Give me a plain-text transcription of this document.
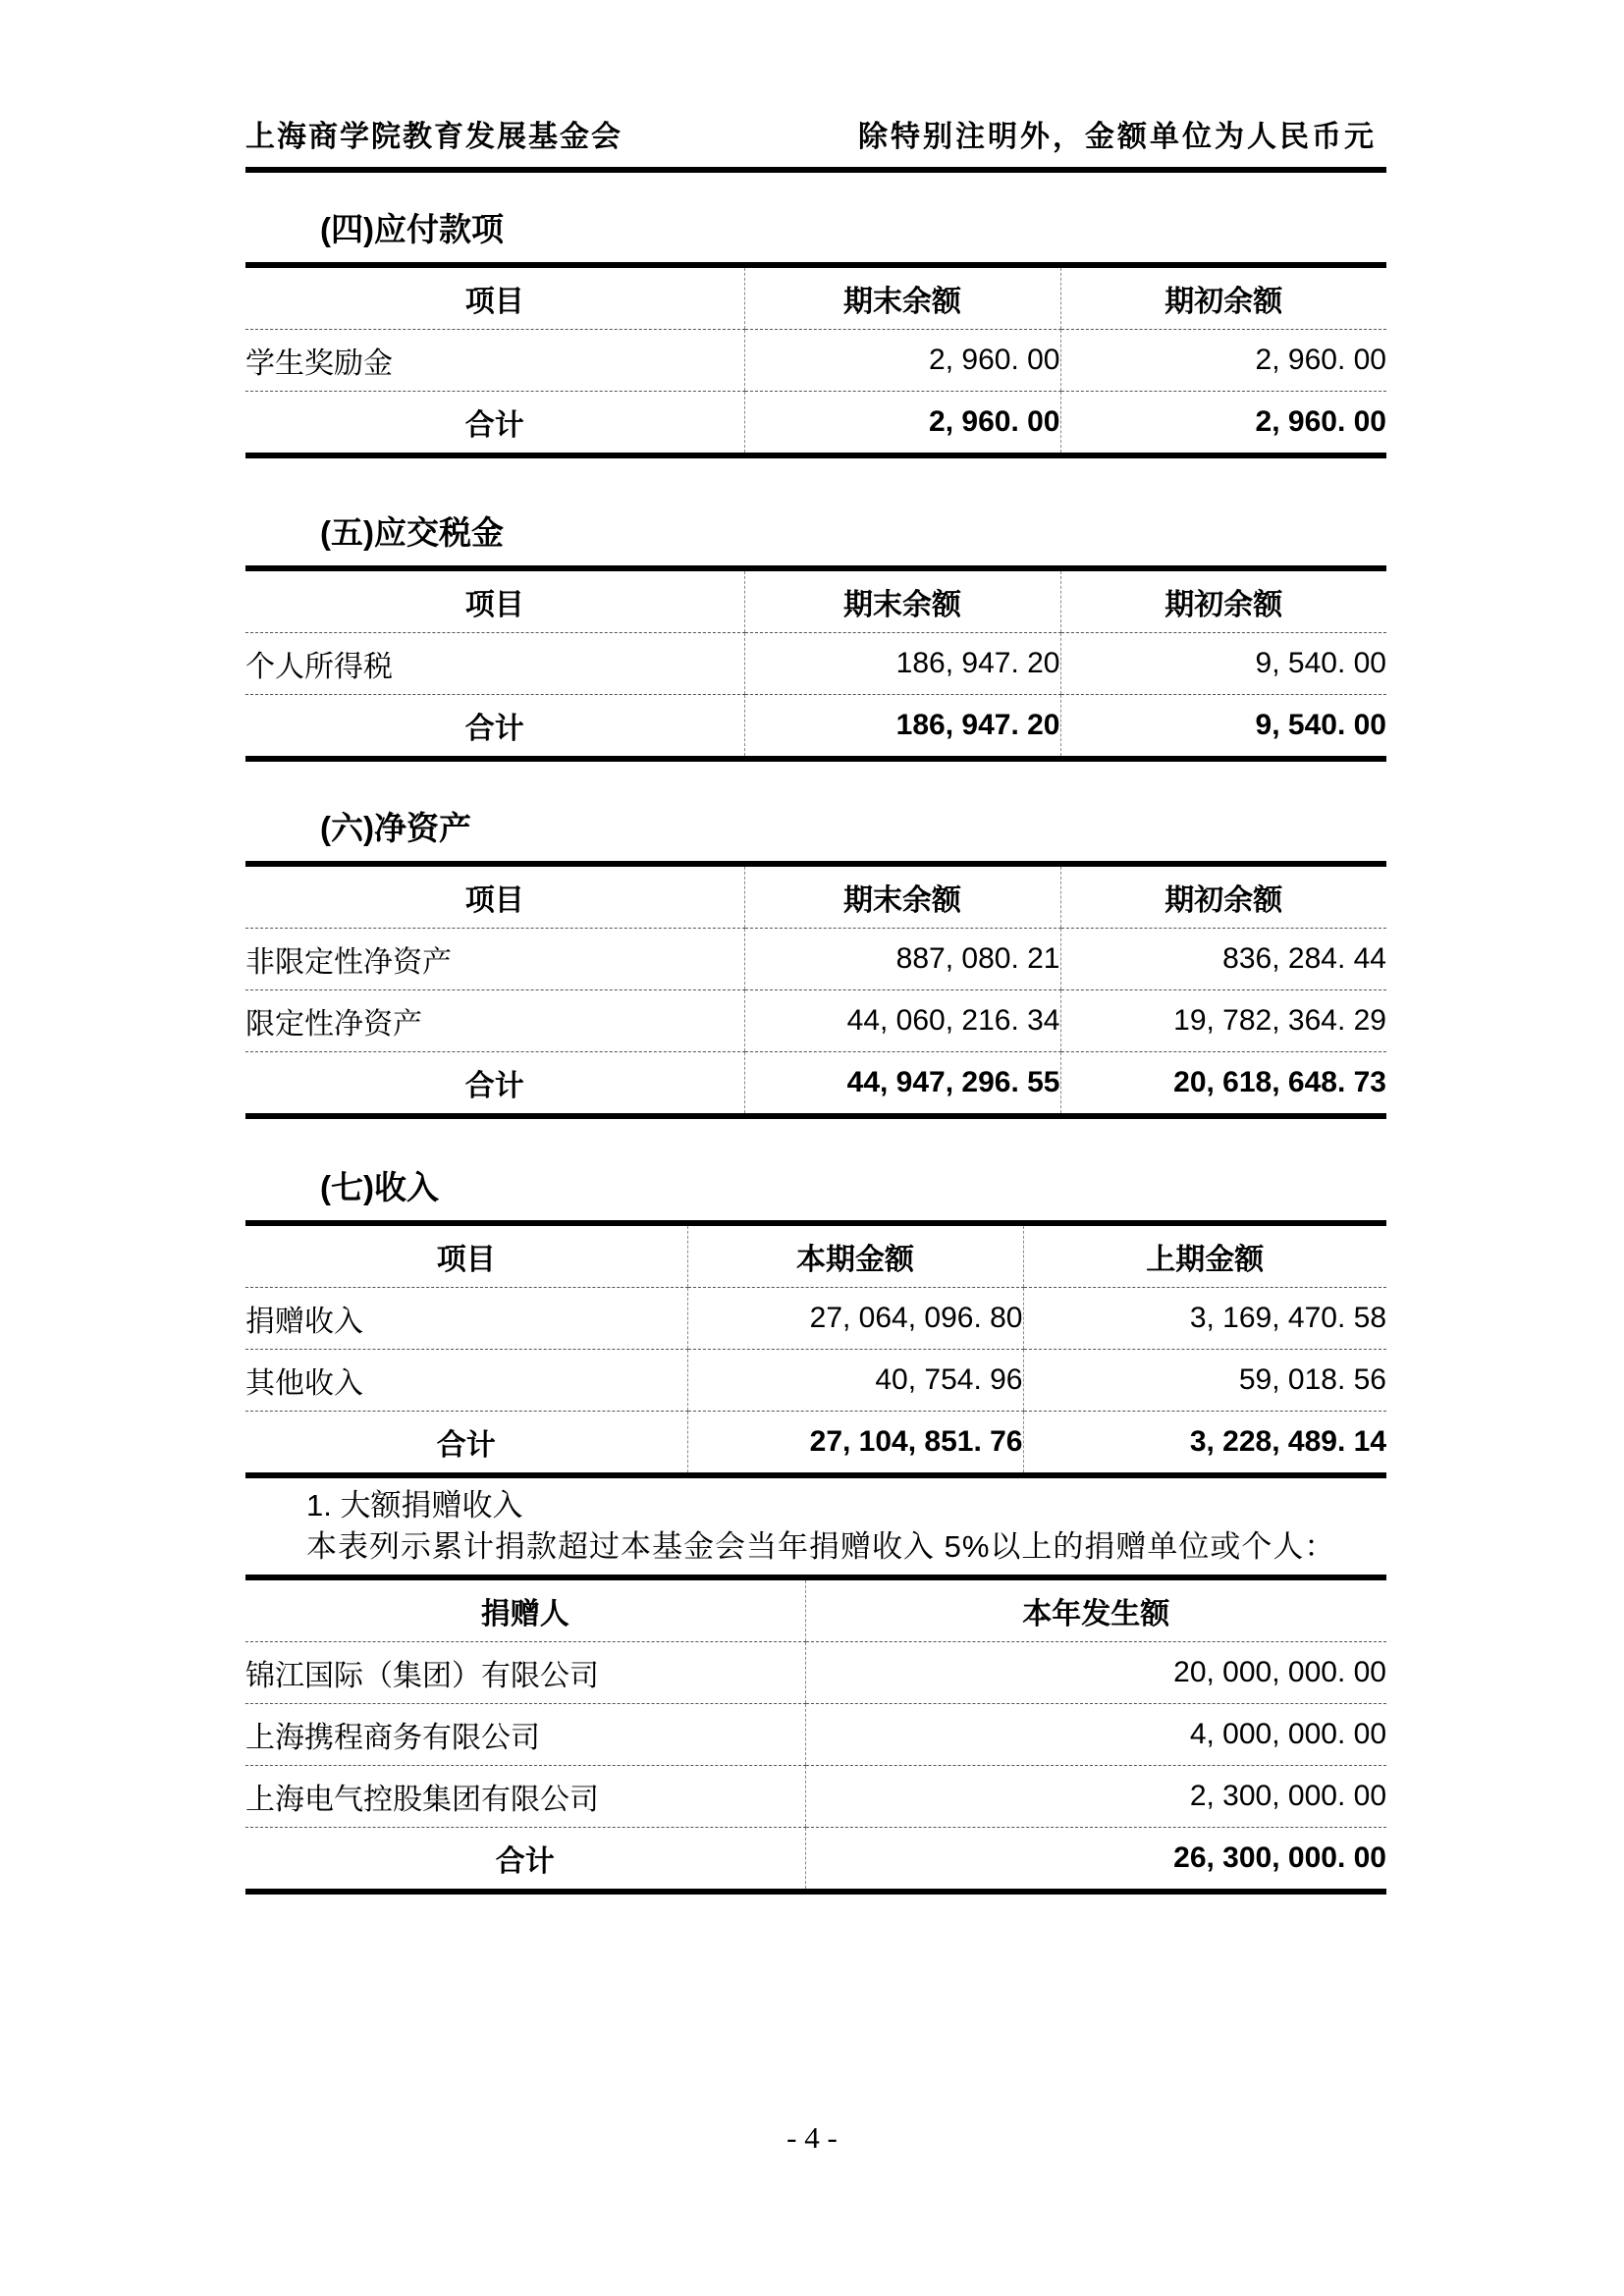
上海商学院教育发展基金会	除特别注明外，金额单位为人民币元
(四)应付款项
项目	期末余额	期初余额
学生奖励金	2, 960. 00	2, 960. 00
合计	2, 960. 00	2, 960. 00
(五)应交税金
项目	期末余额	期初余额
个人所得税	186, 947. 20	9, 540. 00
合计	186, 947. 20	9, 540. 00
(六)净资产
项目	期末余额	期初余额
非限定性净资产	887, 080. 21	836, 284. 44
限定性净资产	44, 060, 216. 34	19, 782, 364. 29
合计	44, 947, 296. 55	20, 618, 648. 73
(七)收入
项目	本期金额	上期金额
捐赠收入	27, 064, 096. 80	3, 169, 470. 58
其他收入	40, 754. 96	59, 018. 56
合计	27, 104, 851. 76	3, 228, 489. 14
1. 大额捐赠收入
本表列示累计捐款超过本基金会当年捐赠收入 5%以上的捐赠单位或个人：
捐赠人	本年发生额
锦江国际（集团）有限公司	20, 000, 000. 00
上海携程商务有限公司	4, 000, 000. 00
上海电气控股集团有限公司	2, 300, 000. 00
合计	26, 300, 000. 00
- 4 -
